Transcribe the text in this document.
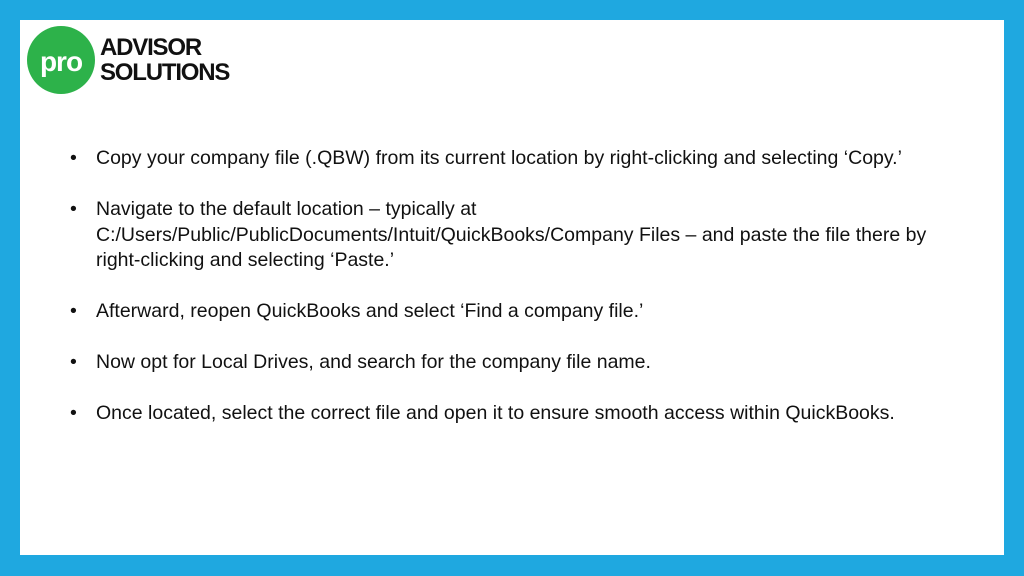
pro ADVISOR
SOLUTIONS
• Copy your company file (.QBW) from its current location by right-clicking and selecting ‘Copy.’
• Navigate to the default location – typically at C:/Users/Public/PublicDocuments/Intuit/QuickBooks/Company Files – and paste the file there by right-clicking and selecting ‘Paste.’
• Afterward, reopen QuickBooks and select ‘Find a company file.’
• Now opt for Local Drives, and search for the company file name.
• Once located, select the correct file and open it to ensure smooth access within QuickBooks.
